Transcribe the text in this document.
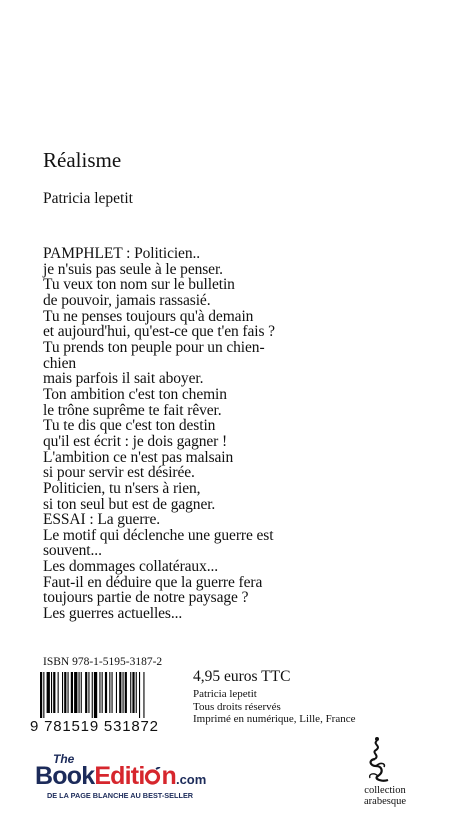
Réalisme
Patricia lepetit
PAMPHLET : Politicien..
je n'suis pas seule à le penser.
Tu veux ton nom sur le bulletin
de pouvoir, jamais rassasié.
Tu ne penses toujours qu'à demain
et aujourd'hui, qu'est-ce que t'en fais ?
Tu prends ton peuple pour un chien-
chien
mais parfois il sait aboyer.
Ton ambition c'est ton chemin
le trône suprême te fait rêver.
Tu te dis que c'est ton destin
qu'il est écrit : je dois gagner !
L'ambition ce n'est pas malsain
si pour servir est désirée.
Politicien, tu n'sers à rien,
si ton seul but est de gagner.
ESSAI : La guerre.
Le motif qui déclenche une guerre est
souvent...
Les dommages collatéraux...
Faut-il en déduire que la guerre fera
toujours partie de notre paysage ?
Les guerres actuelles...
ISBN 978-1-5195-3187-2
9 781519 531872
4,95 euros TTC
Patricia lepetit
Tous droits réservés
Imprimé en numérique, Lille, France
The
BookEditi n.com
DE LA PAGE BLANCHE AU BEST-SELLER	collection
arabesque
